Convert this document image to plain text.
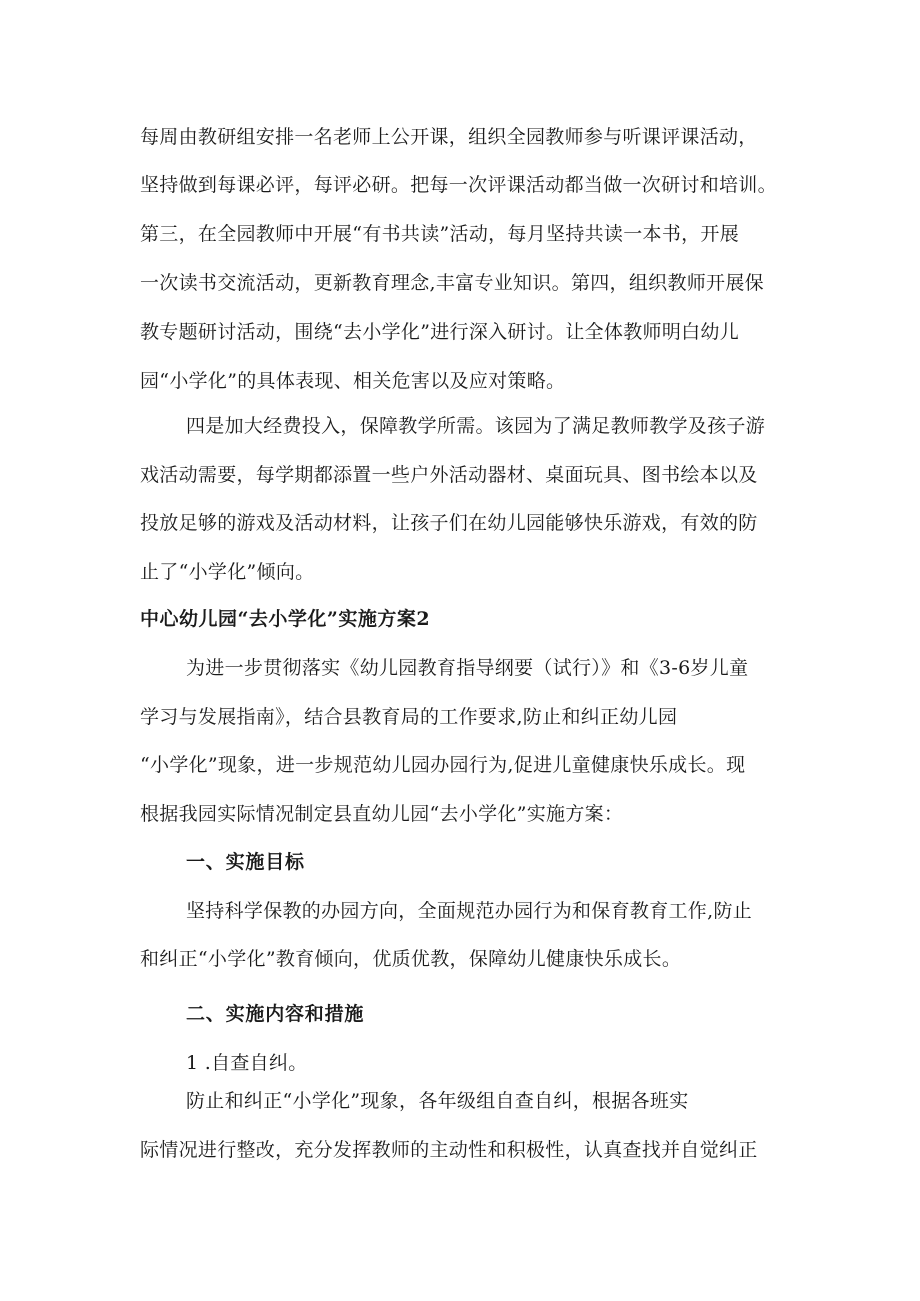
每周由教研组安排一名老师上公开课，组织全园教师参与听课评课活动，
坚持做到每课必评，每评必研。把每一次评课活动都当做一次研讨和培训。
第三，在全园教师中开展“有书共读”活动，每月坚持共读一本书，开展
一次读书交流活动，更新教育理念,丰富专业知识。第四，组织教师开展保
教专题研讨活动，围绕“去小学化”进行深入研讨。让全体教师明白幼儿
园“小学化”的具体表现、相关危害以及应对策略。
四是加大经费投入，保障教学所需。该园为了满足教师教学及孩子游
戏活动需要，每学期都添置一些户外活动器材、桌面玩具、图书绘本以及
投放足够的游戏及活动材料，让孩子们在幼儿园能够快乐游戏，有效的防
止了“小学化”倾向。
中心幼儿园“去小学化”实施方案2
为进一步贯彻落实《幼儿园教育指导纲要（试行）》和《3-6岁儿童
学习与发展指南》，结合县教育局的工作要求,防止和纠正幼儿园
“小学化”现象，进一步规范幼儿园办园行为,促进儿童健康快乐成长。现
根据我园实际情况制定县直幼儿园“去小学化”实施方案：
一、实施目标
坚持科学保教的办园方向，全面规范办园行为和保育教育工作,防止
和纠正“小学化”教育倾向，优质优教，保障幼儿健康快乐成长。
二、实施内容和措施
1 .自查自纠。
防止和纠正“小学化”现象，各年级组自查自纠，根据各班实
际情况进行整改，充分发挥教师的主动性和积极性，认真查找并自觉纠正
